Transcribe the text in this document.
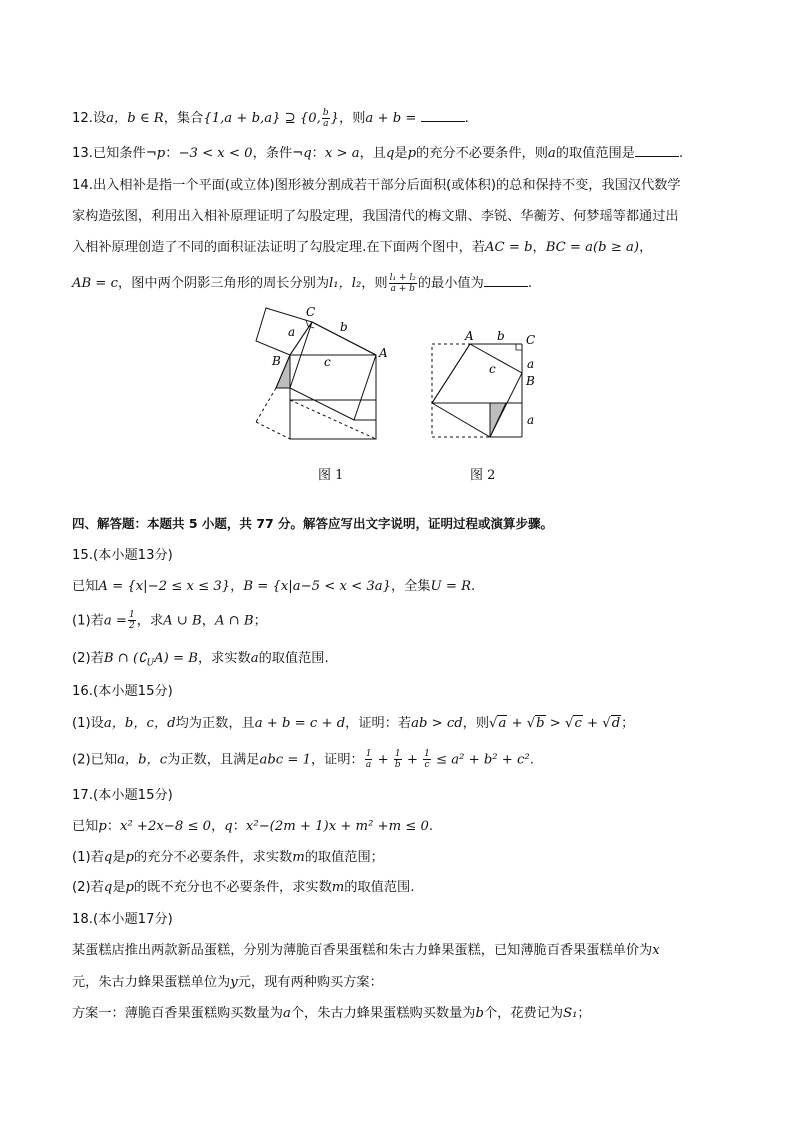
12.设a，b ∈ R，集合{1,a + b,a} ⊇ {0, $\frac{b}{a}$ }，则a + b =	.
13.已知条件¬p：−3 < x < 0，条件¬q：x > a，且q是p的充分不必要条件，则a的取值范围是	.
14.出入相补是指一个平面(或立体)图形被分割成若干部分后面积(或体积)的总和保持不变，我国汉代数学
家构造弦图，利用出入相补原理证明了勾股定理，我国清代的梅文鼎、李锐、华蘅芳、何梦瑶等都通过出
入相补原理创造了不同的面积证法证明了勾股定理.在下面两个图中，若AC = b，BC = a(b ≥ a)，
AB = c，图中两个阴影三角形的周长分别为l₁，l₂，则 $\frac{\text{l₁ + l₂}}{a + b}$ 的最小值为	.
C
a	b
B
A
c
图 1
A b C
a
c
B
a
图 2
四、解答题：本题共 5 小题，共 77 分。解答应写出文字说明，证明过程或演算步骤。
15.(本小题13分)
已知A = {x|−2 ≤ x ≤ 3}，B = {x|a−5 < x < 3a}，全集U = R.
(1)若$a = \frac{1}{2}$ ，求A ∪ B，A ∩ B；
(2)若B ∩ $(∁_UA) = B$，求实数a的取值范围.
16.(本小题15分)
(1)设a，b，c，d均为正数，且a + b = c + d，证明：若ab > cd，则√a + √b > √c + √d；
(2)已知a，b，c为正数，且满足abc = 1，证明： $\frac{1}{a} + \frac{1}{b} + \frac{1}{c} \le a^2 + b^2 + c^2$.
17.(本小题15分)
已知p：x² +2x−8 ≤ 0，q：x²−(2m + 1)x + m² +m ≤ 0.
(1)若q是p的充分不必要条件，求实数m的取值范围；
(2)若q是p的既不充分也不必要条件，求实数m的取值范围.
18.(本小题17分)
某蛋糕店推出两款新品蛋糕，分别为薄脆百香果蛋糕和朱古力蜂果蛋糕，已知薄脆百香果蛋糕单价为x
元，朱古力蜂果蛋糕单位为y元，现有两种购买方案：
方案一：薄脆百香果蛋糕购买数量为a个，朱古力蜂果蛋糕购买数量为b个，花费记为S₁；
